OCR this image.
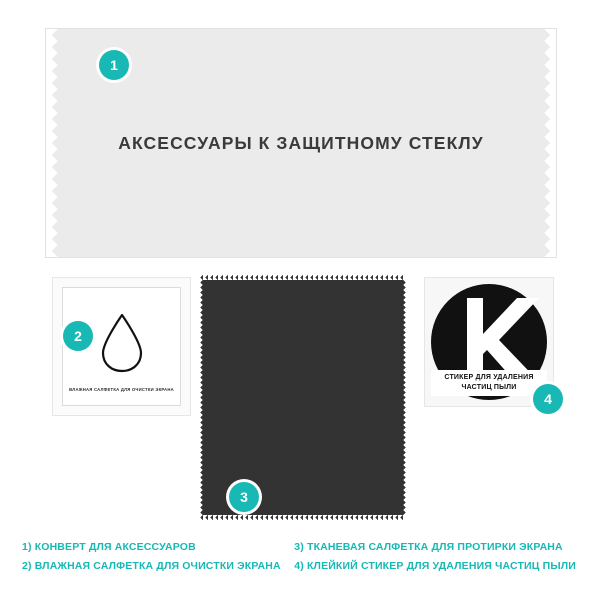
АКСЕССУАРЫ К ЗАЩИТНОМУ СТЕКЛУ
1
ВЛАЖНАЯ САЛФЕТКА ДЛЯ ОЧИСТКИ ЭКРАНА
2
3
СТИКЕР ДЛЯ УДАЛЕНИЯ
ЧАСТИЦ ПЫЛИ
4
1) КОНВЕРТ ДЛЯ АКСЕССУАРОВ
2) ВЛАЖНАЯ САЛФЕТКА ДЛЯ ОЧИСТКИ ЭКРАНА
3) ТКАНЕВАЯ САЛФЕТКА ДЛЯ ПРОТИРКИ ЭКРАНА
4) КЛЕЙКИЙ СТИКЕР ДЛЯ УДАЛЕНИЯ ЧАСТИЦ ПЫЛИ
